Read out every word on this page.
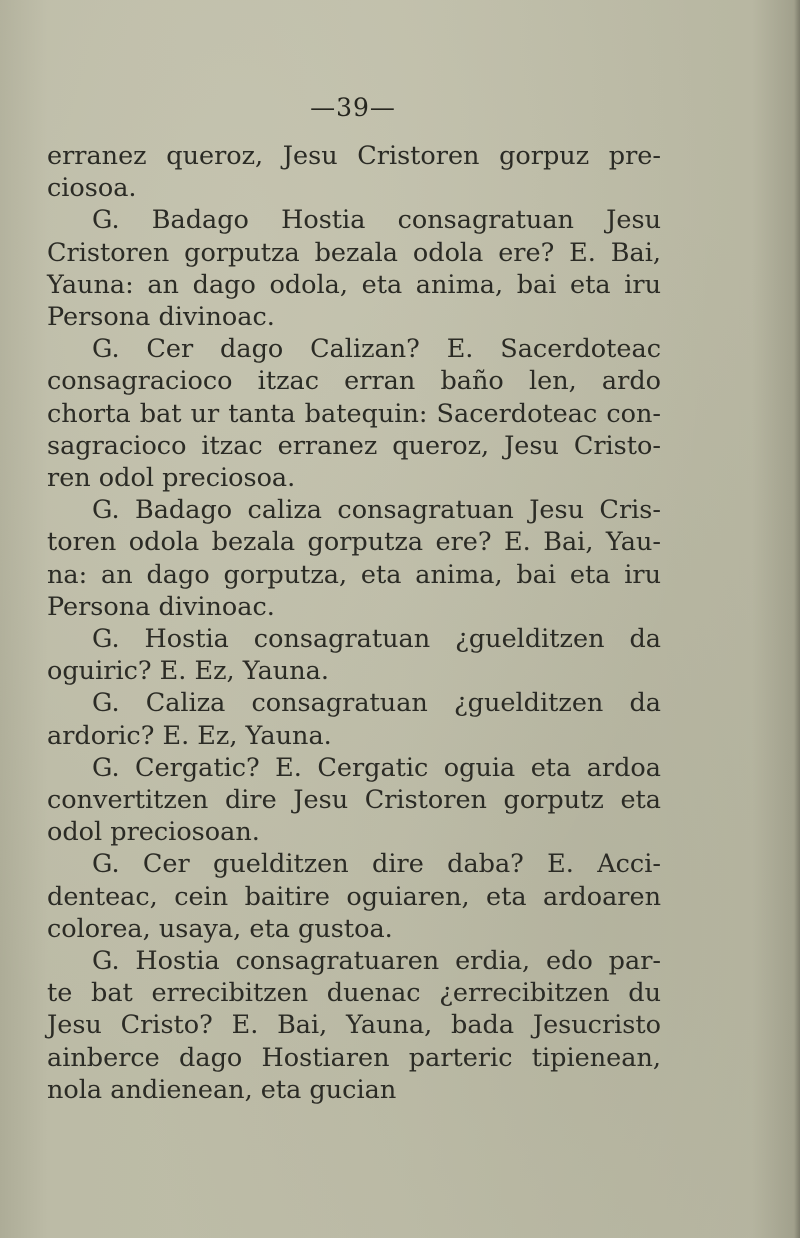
—39—
erranez queroz, Jesu Cristoren gorpuz pre-
ciosoa.
G. Badago Hostia consagratuan Jesu
Cristoren gorputza bezala odola ere? E. Bai,
Yauna: an dago odola, eta anima, bai eta iru
Persona divinoac.
G. Cer dago Calizan? E. Sacerdoteac
consagracioco itzac erran baño len, ardo
chorta bat ur tanta batequin: Sacerdoteac con-
sagracioco itzac erranez queroz, Jesu Cristo-
ren odol preciosoa.
G. Badago caliza consagratuan Jesu Cris-
toren odola bezala gorputza ere? E. Bai, Yau-
na: an dago gorputza, eta anima, bai eta iru
Persona divinoac.
G. Hostia consagratuan ¿guelditzen da
oguiric? E. Ez, Yauna.
G. Caliza consagratuan ¿guelditzen da
ardoric? E. Ez, Yauna.
G. Cergatic? E. Cergatic oguia eta ardoa
convertitzen dire Jesu Cristoren gorputz eta
odol preciosoan.
G. Cer guelditzen dire daba? E. Acci-
denteac, cein baitire oguiaren, eta ardoaren
colorea, usaya, eta gustoa.
G. Hostia consagratuaren erdia, edo par-
te bat errecibitzen duenac ¿errecibitzen du
Jesu Cristo? E. Bai, Yauna, bada Jesucristo
ainberce dago Hostiaren parteric tipienean,
nola andienean, eta gucian
